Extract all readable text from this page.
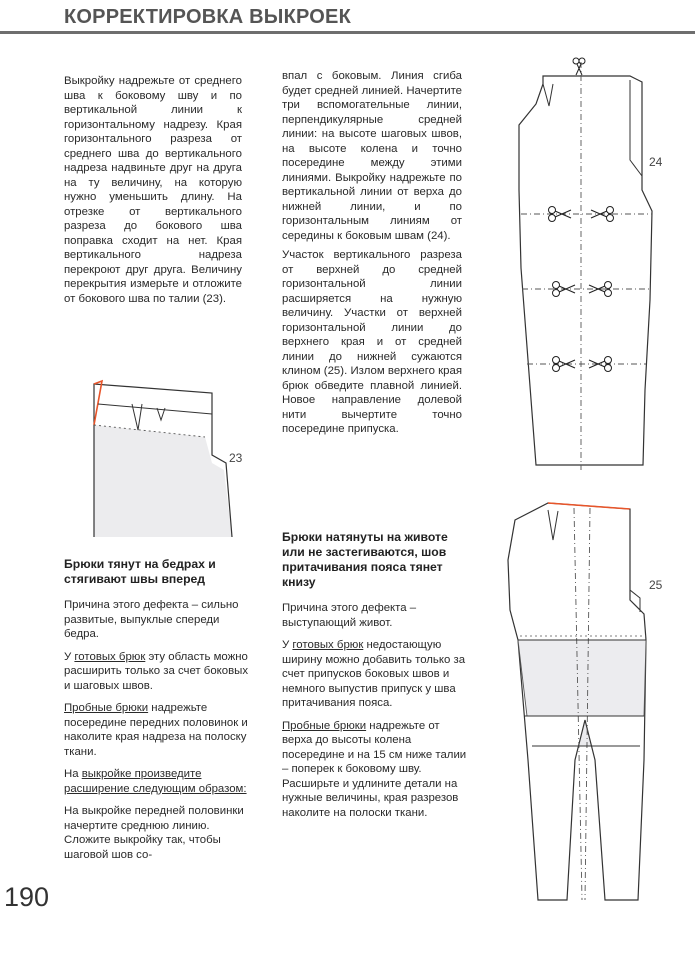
КОРРЕКТИРОВКА ВЫКРОЕК

Выкройку надрежьте от среднего шва к боковому шву и по вертикальной линии к горизонтальному надрезу. Края горизонтального разреза от среднего шва до вертикального надреза надвиньте друг на друга на ту величину, на которую нужно уменьшить длину. На отрезке от вертикального разреза до бокового шва поправка сходит на нет. Края вертикального надреза перекроют друг друга. Величину перекрытия измерьте и отложите от бокового шва по талии (23).

впал с боковым. Линия сгиба будет средней линией. Начертите три вспомогательные линии, перпендикулярные средней линии: на высоте шаговых швов, на высоте колена и точно посередине между этими линиями. Выкройку надрежьте по вертикальной линии от верха до нижней линии, и по горизонтальным линиям от середины к боковым швам (24).

Участок вертикального разреза от верхней до средней горизонтальной линии расширяется на нужную величину. Участки от верхней горизонтальной линии до верхнего края и от средней линии до нижней сужаются клином (25). Излом верхнего края брюк обведите плавной линией. Новое направление долевой нити вычертите точно посередине припуска.

Брюки тянут на бедрах и стягивают швы вперед

Причина этого дефекта – сильно развитые, выпуклые спереди бедра.

У готовых брюк эту область можно расширить только за счет боковых и шаговых швов.

Пробные брюки надрежьте посередине передних половинок и наколите края надреза на полоску ткани.

На выкройке произведите расширение следующим образом:

На выкройке передней половинки начертите среднюю линию. Сложите выкройку так, чтобы шаговой шов со-

Брюки натянуты на животе или не застегиваются, шов притачивания пояса тянет книзу

Причина этого дефекта – выступающий живот.

У готовых брюк недостающую ширину можно добавить только за счет припусков боковых швов и немного выпустив припуск у шва притачивания пояса.

Пробные брюки надрежьте от верха до высоты колена посередине и на 15 см ниже талии – поперек к боковому шву. Расширьте и удлините детали на нужные величины, края разрезов наколите на полоски ткани.

190
23
24
25
